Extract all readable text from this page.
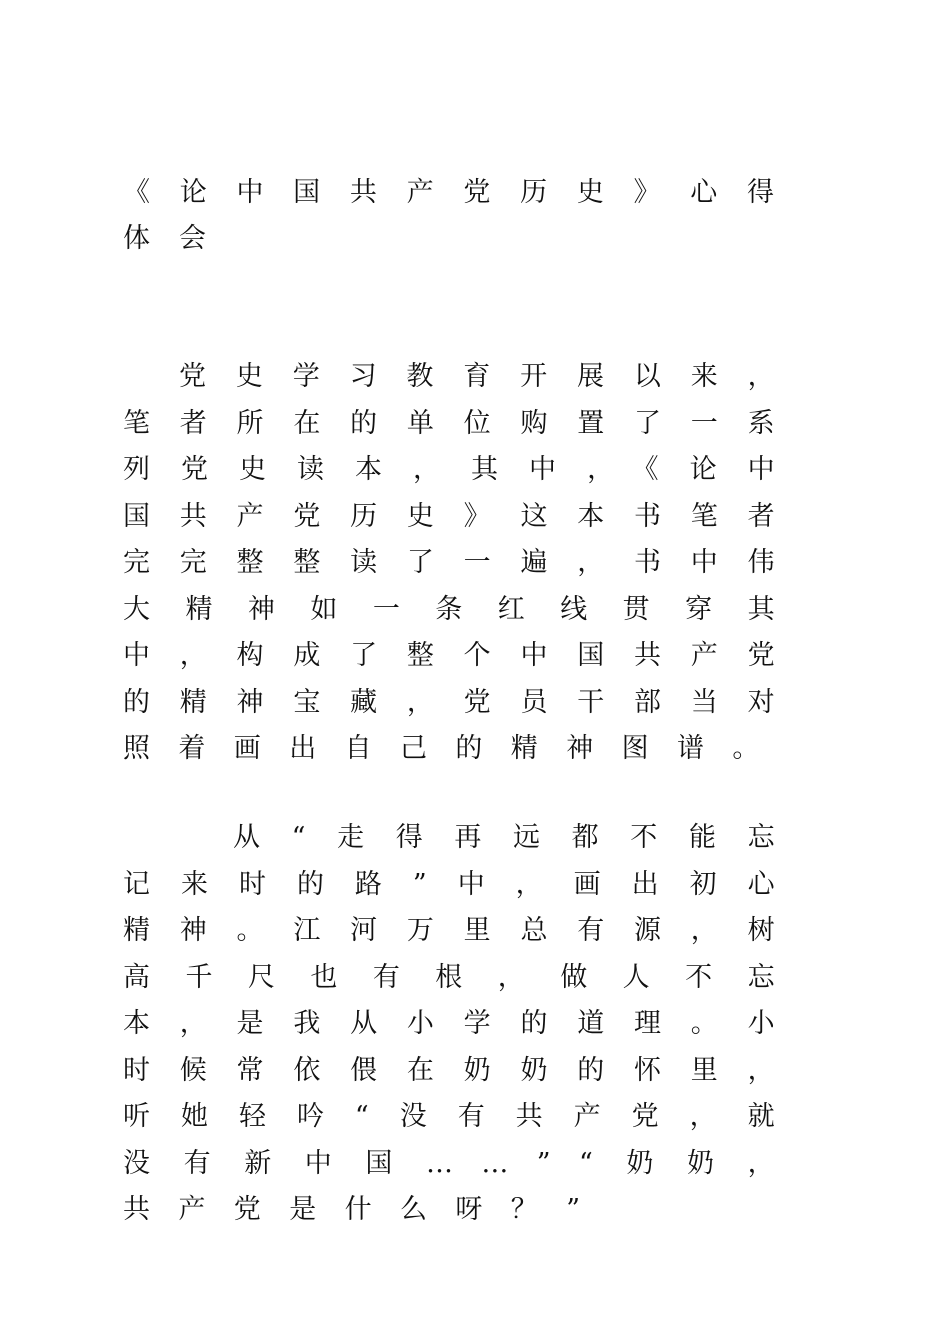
《论中国共产党历史》心得体会

党史学习教育开展以来，笔者所在的单位购置了一系列党史读本，其中，《论中国共产党历史》这本书笔者完完整整读了一遍，书中伟大精神如一条红线贯穿其中，构成了整个中国共产党的精神宝藏，党员干部当对照着画出自己的精神图谱。

从“走得再远都不能忘记来时的路”中，画出初心精神。江河万里总有源，树高千尺也有根，做人不忘本，是我从小学的道理。小时候常依偎在奶奶的怀里，听她轻吟“没有共产党，就没有新中国……”“奶奶，共产党是什么呀？”
